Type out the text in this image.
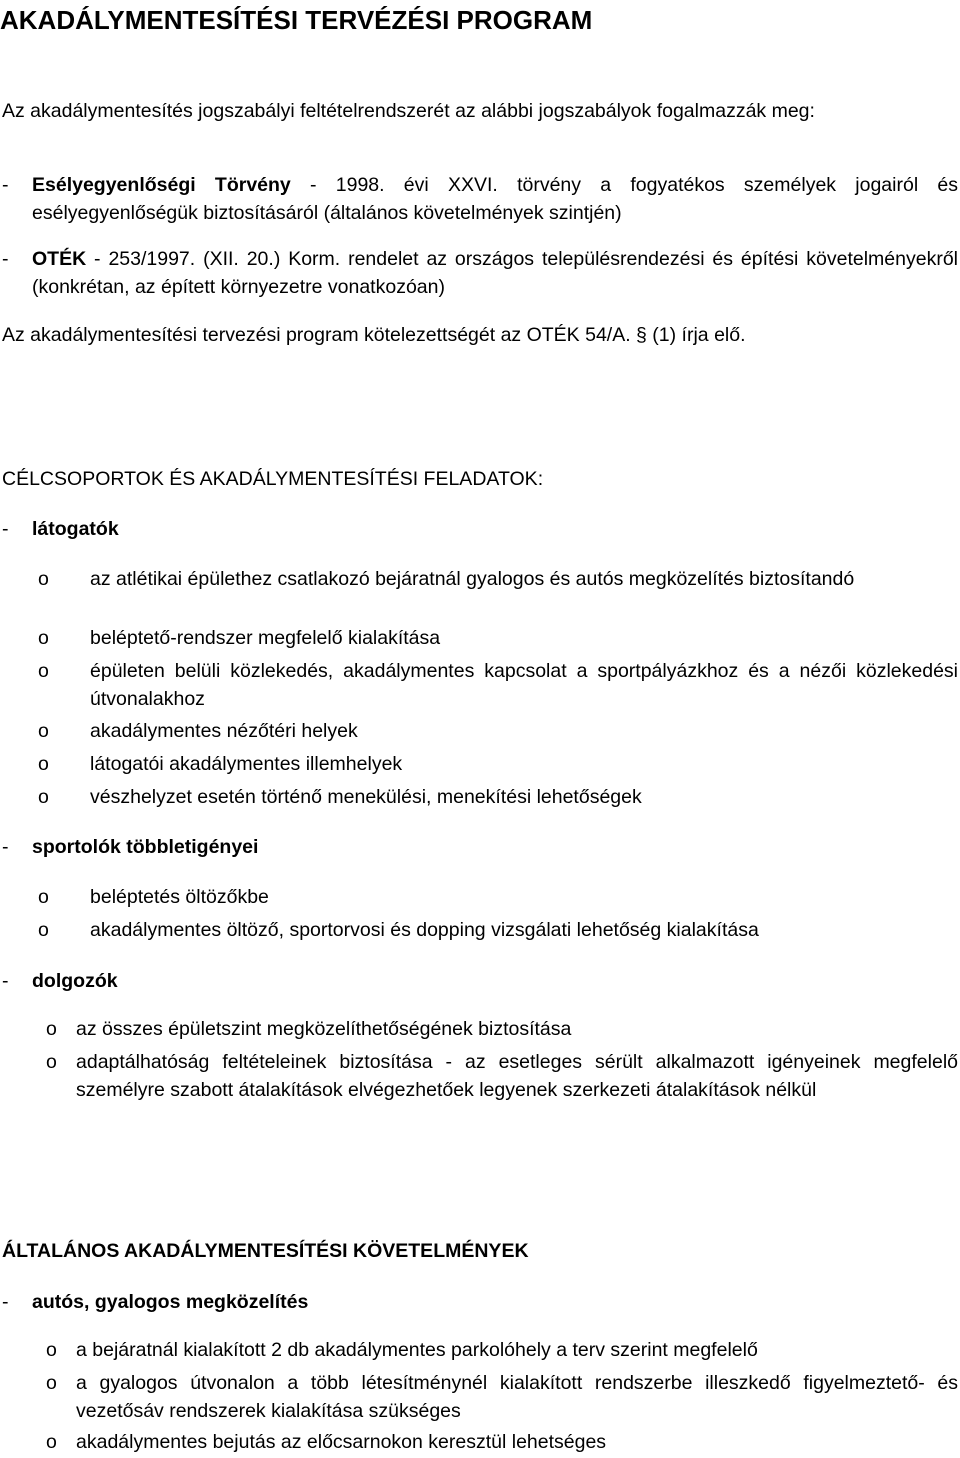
AKADÁLYMENTESÍTÉSI TERVÉZÉSI PROGRAM
Az akadálymentesítés jogszabályi feltételrendszerét az alábbi jogszabályok fogalmazzák meg:
-	Esélyegyenlőségi Törvény - 1998. évi XXVI. törvény a fogyatékos személyek jogairól és esélyegyenlőségük biztosításáról (általános követelmények szintjén)
-	OTÉK - 253/1997. (XII. 20.) Korm. rendelet az országos településrendezési és építési követelményekről (konkrétan, az épített környezetre vonatkozóan)
Az akadálymentesítési tervezési program kötelezettségét az OTÉK 54/A. § (1) írja elő.
CÉLCSOPORTOK ÉS AKADÁLYMENTESÍTÉSI FELADATOK:
- látogatók
o az atlétikai épülethez csatlakozó bejáratnál gyalogos és autós megközelítés biztosítandó
o beléptető-rendszer megfelelő kialakítása
o épületen belüli közlekedés, akadálymentes kapcsolat a sportpályázkhoz és a nézői közlekedési útvonalakhoz
o akadálymentes nézőtéri helyek
o látogatói akadálymentes illemhelyek
o vészhelyzet esetén történő menekülési, menekítési lehetőségek
- sportolók többletigényei
o beléptetés öltözőkbe
o akadálymentes öltöző, sportorvosi és dopping vizsgálati lehetőség kialakítása
- dolgozók
o az összes épületszint megközelíthetőségének biztosítása
o adaptálhatóság feltételeinek biztosítása - az esetleges sérült alkalmazott igényeinek megfelelő személyre szabott átalakítások elvégezhetőek legyenek szerkezeti átalakítások nélkül
ÁLTALÁNOS AKADÁLYMENTESÍTÉSI KÖVETELMÉNYEK
- autós, gyalogos megközelítés
o a bejáratnál kialakított 2 db akadálymentes parkolóhely a terv szerint megfelelő
o a gyalogos útvonalon a több létesítménynél kialakított rendszerbe illeszkedő figyelmeztető- és vezetősáv rendszerek kialakítása szükséges
o akadálymentes bejutás az előcsarnokon keresztül lehetséges
